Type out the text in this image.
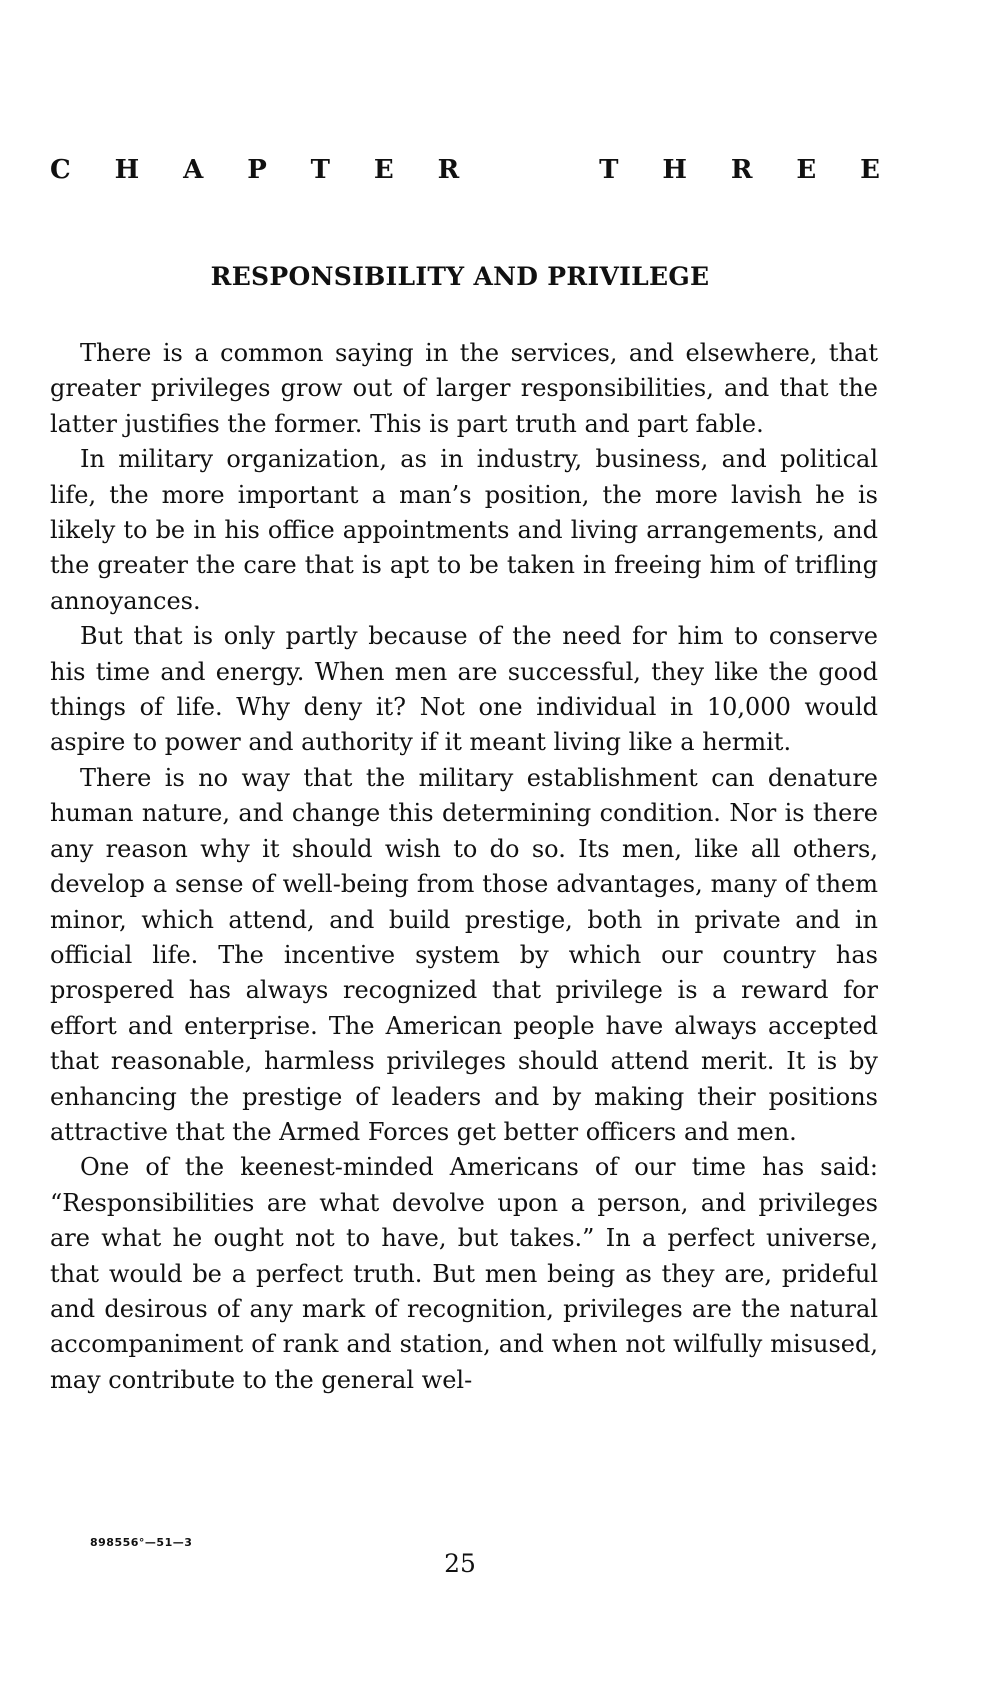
C H A P T E R	T H R E E
RESPONSIBILITY AND PRIVILEGE

There is a common saying in the services, and elsewhere, that greater privileges grow out of larger responsibilities, and that the latter justifies the former. This is part truth and part fable.

In military organization, as in industry, business, and political life, the more important a man’s position, the more lavish he is likely to be in his office appointments and living arrangements, and the greater the care that is apt to be taken in freeing him of trifling annoyances.

But that is only partly because of the need for him to conserve his time and energy. When men are successful, they like the good things of life. Why deny it? Not one individual in 10,000 would aspire to power and authority if it meant living like a hermit.

There is no way that the military establishment can denature human nature, and change this determining condition. Nor is there any reason why it should wish to do so. Its men, like all others, develop a sense of well-being from those advantages, many of them minor, which attend, and build prestige, both in private and in official life. The incentive system by which our country has prospered has always recognized that privilege is a reward for effort and enterprise. The American people have always accepted that reasonable, harmless privileges should attend merit. It is by enhancing the prestige of leaders and by making their positions attractive that the Armed Forces get better officers and men.

One of the keenest-minded Americans of our time has said: “Responsibilities are what devolve upon a person, and privileges are what he ought not to have, but takes.” In a perfect universe, that would be a perfect truth. But men being as they are, prideful and desirous of any mark of recognition, privileges are the natural accompaniment of rank and station, and when not wilfully misused, may contribute to the general wel-

898556°—51—3
25
